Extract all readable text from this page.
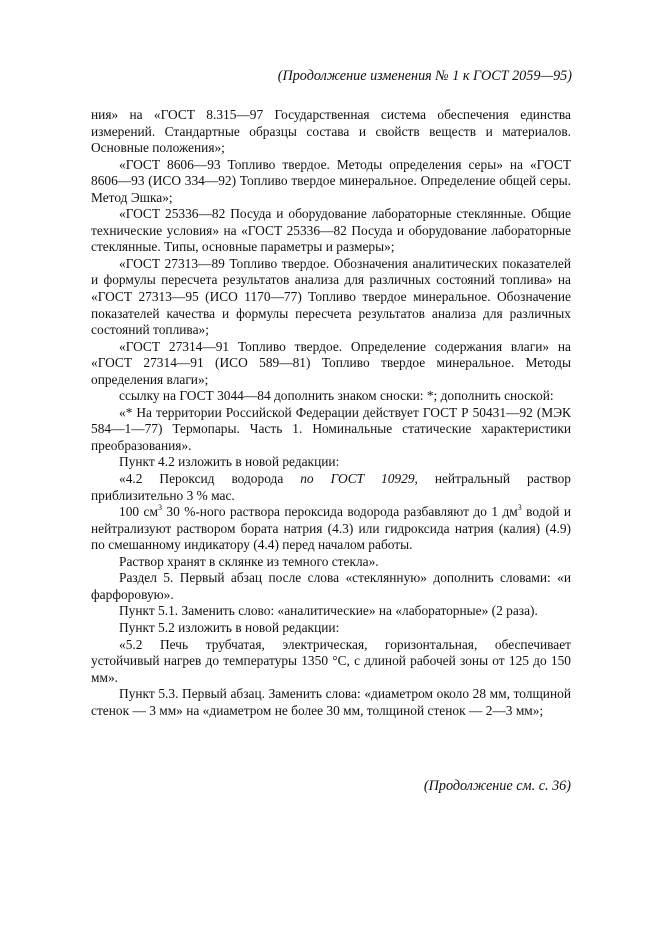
(Продолжение изменения № 1 к ГОСТ 2059—95)

ния» на «ГОСТ 8.315—97 Государственная система обеспечения единства измерений. Стандартные образцы состава и свойств веществ и материалов. Основные положения»;

«ГОСТ 8606—93 Топливо твердое. Методы определения серы» на «ГОСТ 8606—93 (ИСО 334—92) Топливо твердое минеральное. Определение общей серы. Метод Эшка»;

«ГОСТ 25336—82 Посуда и оборудование лабораторные стеклянные. Общие технические условия» на «ГОСТ 25336—82 Посуда и оборудование лабораторные стеклянные. Типы, основные параметры и размеры»;

«ГОСТ 27313—89 Топливо твердое. Обозначения аналитических показателей и формулы пересчета результатов анализа для различных состояний топлива» на «ГОСТ 27313—95 (ИСО 1170—77) Топливо твердое минеральное. Обозначение показателей качества и формулы пересчета результатов анализа для различных состояний топлива»;

«ГОСТ 27314—91 Топливо твердое. Определение содержания влаги» на «ГОСТ 27314—91 (ИСО 589—81) Топливо твердое минеральное. Методы определения влаги»;

ссылку на ГОСТ 3044—84 дополнить знаком сноски: *; дополнить сноской:

«* На территории Российской Федерации действует ГОСТ Р 50431—92 (МЭК 584—1—77) Термопары. Часть 1. Номинальные статические характеристики преобразования».

Пункт 4.2 изложить в новой редакции:

«4.2 Пероксид водорода по ГОСТ 10929, нейтральный раствор приблизительно 3 % мас.

100 $см^3$ 30 %-ного раствора пероксида водорода разбавляют до 1 $дм^3$ водой и нейтрализуют раствором бората натрия (4.3) или гидроксида натрия (калия) (4.9) по смешанному индикатору (4.4) перед началом работы.

Раствор хранят в склянке из темного стекла».

Раздел 5. Первый абзац после слова «стеклянную» дополнить словами: «и фарфоровую».

Пункт 5.1. Заменить слово: «аналитические» на «лабораторные» (2 раза).

Пункт 5.2 изложить в новой редакции:

«5.2 Печь трубчатая, электрическая, горизонтальная, обеспечивает устойчивый нагрев до температуры 1350 °С, с длиной рабочей зоны от 125 до 150 мм».

Пункт 5.3. Первый абзац. Заменить слова: «диаметром около 28 мм, толщиной стенок — 3 мм» на «диаметром не более 30 мм, толщиной стенок — 2—3 мм»;

(Продолжение см. с. 36)
